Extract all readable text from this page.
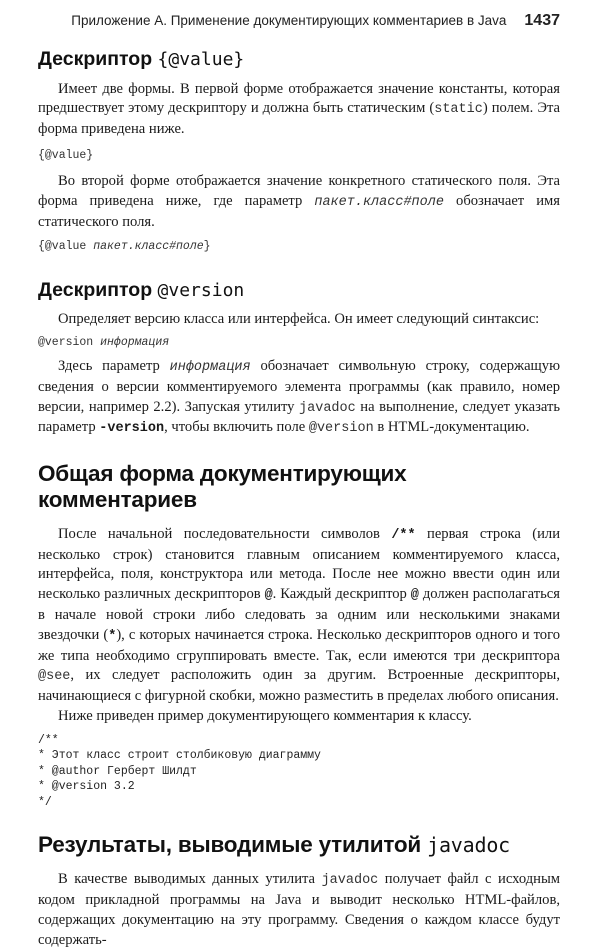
Приложение А. Применение документирующих комментариев в Java 1437
Дескриптор {@value}

Имеет две формы. В первой форме отображается значение константы, которая предшествует этому дескриптору и должна быть статическим (static) полем. Эта форма приведена ниже.

{@value}

Во второй форме отображается значение конкретного статического поля. Эта форма приведена ниже, где параметр пакет.класс#поле обозначает имя статического поля.

{@value пакет.класс#поле}
Дескриптор @version

Определяет версию класса или интерфейса. Он имеет следующий синтаксис:

@version информация

Здесь параметр информация обозначает символьную строку, содержащую сведения о версии комментируемого элемента программы (как правило, номер версии, например 2.2). Запуская утилиту javadoc на выполнение, следует указать параметр -version, чтобы включить поле @version в HTML-документацию.

Общая форма документирующих комментариев

После начальной последовательности символов /** первая строка (или несколько строк) становится главным описанием комментируемого класса, интерфейса, поля, конструктора или метода. После нее можно ввести один или несколько различных дескрипторов @. Каждый дескриптор @ должен располагаться в начале новой строки либо следовать за одним или несколькими знаками звездочки (*), с которых начинается строка. Несколько дескрипторов одного и того же типа необходимо сгруппировать вместе. Так, если имеются три дескриптора @see, их следует расположить один за другим. Встроенные дескрипторы, начинающиеся с фигурной скобки, можно разместить в пределах любого описания.

Ниже приведен пример документирующего комментария к классу.

/**
* Этот класс строит столбиковую диаграмму
* @author Герберт Шилдт
* @version 3.2
*/
Результаты, выводимые утилитой javadoc

В качестве выводимых данных утилита javadoc получает файл с исходным кодом прикладной программы на Java и выводит несколько HTML-файлов, содержащих документацию на эту программу. Сведения о каждом классе будут содержать-
